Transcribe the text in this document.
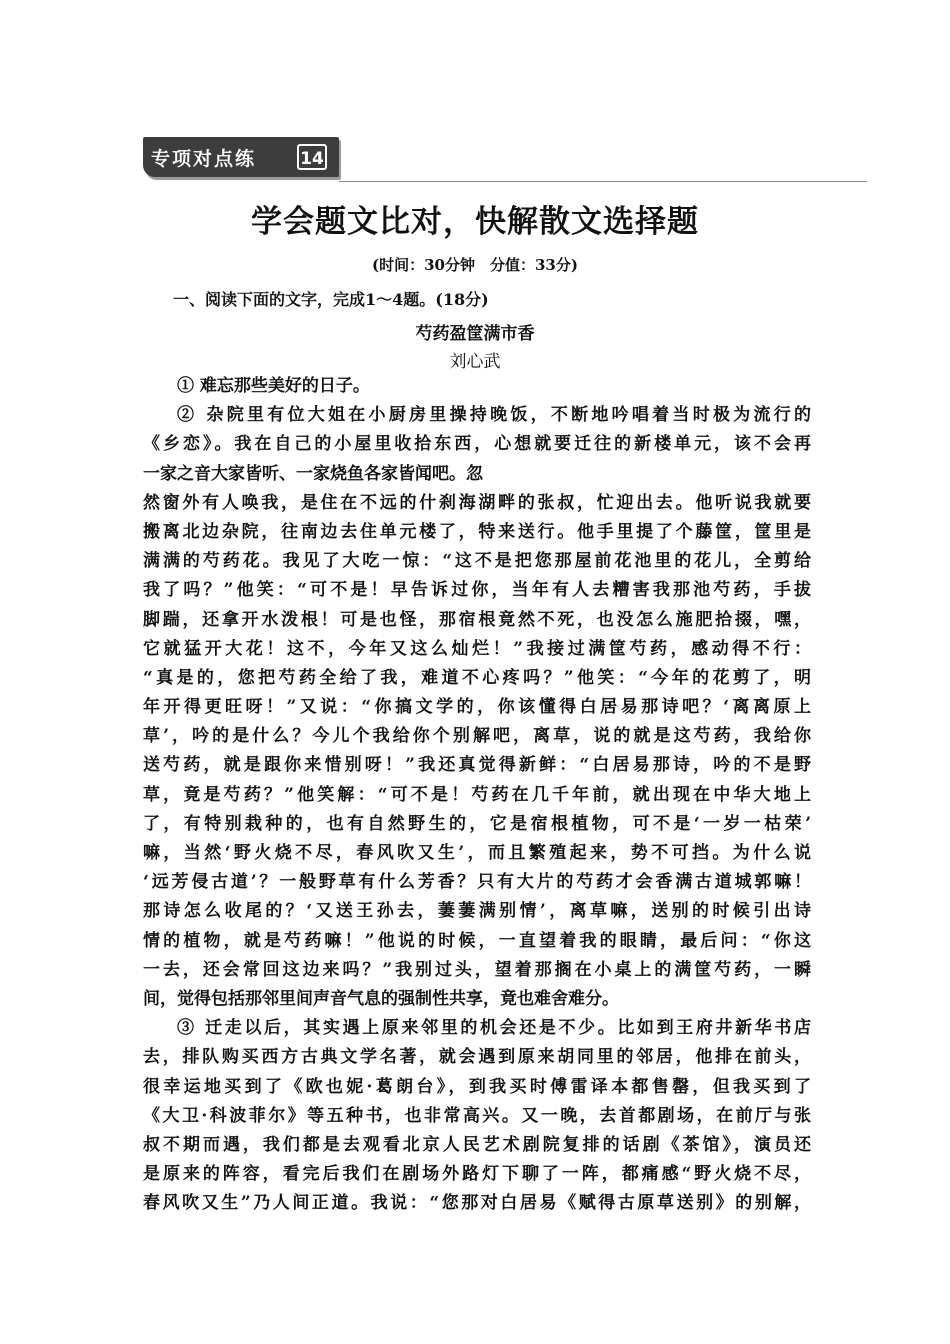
专项对点练	14
学会题文比对，快解散文选择题
(时间：30分钟　分值：33分)
一、阅读下面的文字，完成1～4题。(18分)
芍药盈筐满市香
刘心武
① 难忘那些美好的日子。
② 杂院里有位大姐在小厨房里操持晚饭，不断地吟唱着当时极为流行的
《乡恋》。我在自己的小屋里收拾东西，心想就要迁往的新楼单元，该不会再
一家之音大家皆听、一家烧鱼各家皆闻吧。忽
然窗外有人唤我，是住在不远的什刹海湖畔的张叔，忙迎出去。他听说我就要
搬离北边杂院，往南边去住单元楼了，特来送行。他手里提了个藤筐，筐里是
满满的芍药花。我见了大吃一惊：“这不是把您那屋前花池里的花儿，全剪给
我了吗？”他笑：“可不是！早告诉过你，当年有人去糟害我那池芍药，手拔
脚踹，还拿开水泼根！可是也怪，那宿根竟然不死，也没怎么施肥拾掇，嘿，
它就猛开大花！这不，今年又这么灿烂！”我接过满筐芍药，感动得不行：
“真是的，您把芍药全给了我，难道不心疼吗？”他笑：“今年的花剪了，明
年开得更旺呀！”又说：“你搞文学的，你该懂得白居易那诗吧？‘离离原上
草’，吟的是什么？今儿个我给你个别解吧，离草，说的就是这芍药，我给你
送芍药，就是跟你来惜别呀！”我还真觉得新鲜：“白居易那诗，吟的不是野
草，竟是芍药？”他笑解：“可不是！芍药在几千年前，就出现在中华大地上
了，有特别栽种的，也有自然野生的，它是宿根植物，可不是‘一岁一枯荣’
嘛，当然‘野火烧不尽，春风吹又生’，而且繁殖起来，势不可挡。为什么说
‘远芳侵古道’？一般野草有什么芳香？只有大片的芍药才会香满古道城郭嘛！
那诗怎么收尾的？‘又送王孙去，萋萋满别情’，离草嘛，送别的时候引出诗
情的植物，就是芍药嘛！”他说的时候，一直望着我的眼睛，最后问：“你这
一去，还会常回这边来吗？”我别过头，望着那搁在小桌上的满筐芍药，一瞬
间，觉得包括那邻里间声音气息的强制性共享，竟也难舍难分。
③ 迁走以后，其实遇上原来邻里的机会还是不少。比如到王府井新华书店
去，排队购买西方古典文学名著，就会遇到原来胡同里的邻居，他排在前头，
很幸运地买到了《欧也妮·葛朗台》，到我买时傅雷译本都售罄，但我买到了
《大卫·科波菲尔》等五种书，也非常高兴。又一晚，去首都剧场，在前厅与张
叔不期而遇，我们都是去观看北京人民艺术剧院复排的话剧《茶馆》，演员还
是原来的阵容，看完后我们在剧场外路灯下聊了一阵，都痛感“野火烧不尽，
春风吹又生”乃人间正道。我说：“您那对白居易《赋得古原草送别》的别解，
